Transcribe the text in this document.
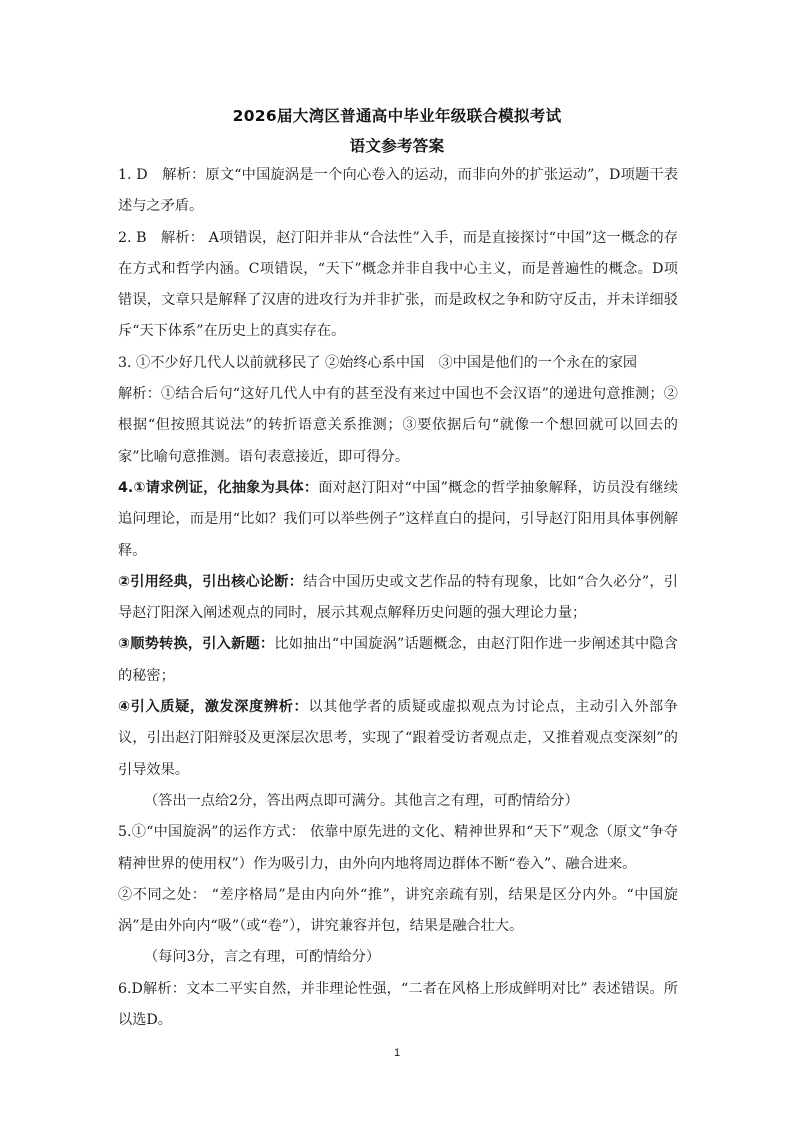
2026届大湾区普通高中毕业年级联合模拟考试
语文参考答案

1. D　解析：原文“中国旋涡是一个向心卷入的运动，而非向外的扩张运动”，D项题干表述与之矛盾。

2. B　解析： A项错误，赵汀阳并非从“合法性”入手，而是直接探讨“中国”这一概念的存在方式和哲学内涵。C项错误，“天下”概念并非自我中心主义，而是普遍性的概念。D项错误，文章只是解释了汉唐的进攻行为并非扩张，而是政权之争和防守反击，并未详细驳斥“天下体系”在历史上的真实存在。

3. ①不少好几代人以前就移民了 ②始终心系中国　③中国是他们的一个永在的家园

解析：①结合后句“这好几代人中有的甚至没有来过中国也不会汉语”的递进句意推测；②根据“但按照其说法”的转折语意关系推测；③要依据后句“就像一个想回就可以回去的家”比喻句意推测。语句表意接近，即可得分。

4.①请求例证，化抽象为具体：面对赵汀阳对“中国”概念的哲学抽象解释，访员没有继续追问理论，而是用“比如？我们可以举些例子”这样直白的提问，引导赵汀阳用具体事例解释。

②引用经典，引出核心论断：结合中国历史或文艺作品的特有现象，比如“合久必分”，引导赵汀阳深入阐述观点的同时，展示其观点解释历史问题的强大理论力量；

③顺势转换，引入新题：比如抽出“中国旋涡”话题概念，由赵汀阳作进一步阐述其中隐含的秘密；

④引入质疑，激发深度辨析：以其他学者的质疑或虚拟观点为讨论点，主动引入外部争议，引出赵汀阳辩驳及更深层次思考，实现了“跟着受访者观点走，又推着观点变深刻”的引导效果。

（答出一点给2分，答出两点即可满分。其他言之有理，可酌情给分）

5.①“中国旋涡”的运作方式： 依靠中原先进的文化、精神世界和“天下”观念（原文“争夺精神世界的使用权”）作为吸引力，由外向内地将周边群体不断“卷入”、融合进来。

②不同之处： “差序格局”是由内向外“推”，讲究亲疏有别，结果是区分内外。“中国旋涡”是由外向内“吸”（或“卷”），讲究兼容并包，结果是融合壮大。

（每问3分，言之有理，可酌情给分）

6.D解析：文本二平实自然，并非理论性强，“二者在风格上形成鲜明对比” 表述错误。所以选D。

1
